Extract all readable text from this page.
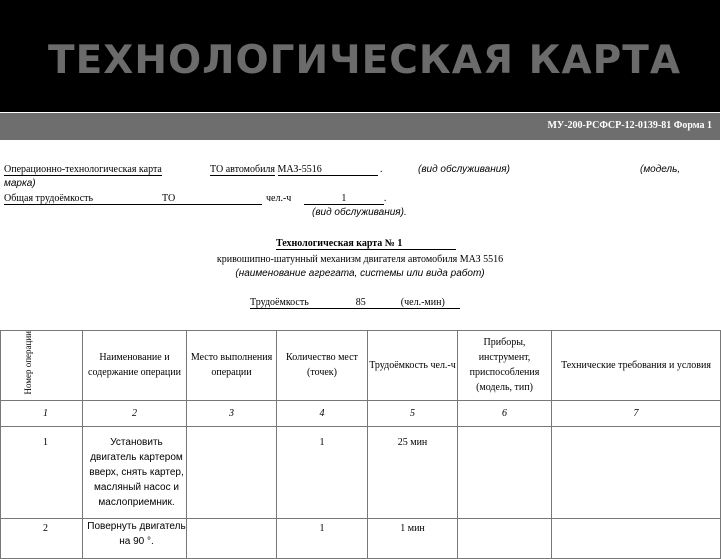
ТЕХНОЛОГИЧЕСКАЯ КАРТА
МУ-200-РСФСР-12-0139-81 Форма 1
Операционно-технологическая карта	ТО автомобиля МАЗ-5516	.	(вид обслуживания)	(модель,
марка)
Общая трудоёмкость	ТО	чел.-ч	1	.
(вид обслуживания).
Технологическая карта № 1
кривошипно-шатунный механизм двигателя автомобиля МАЗ 5516
(наименование агрегата, системы или вида работ)
Трудоёмкость	85	(чел.-мин)
Номер операции	Наименование и содержание операции	Место выполнения операции	Количество мест (точек)	Трудоёмкость чел.-ч	Приборы, инструмент, приспособления (модель, тип)	Технические требования и условия
1	2	3	4	5	6	7
1	Установить двигатель картером вверх, снять картер, масляный насос и маслоприемник.		1	25 мин		
2	Повернуть двигатель на 90 °.		1	1 мин		
